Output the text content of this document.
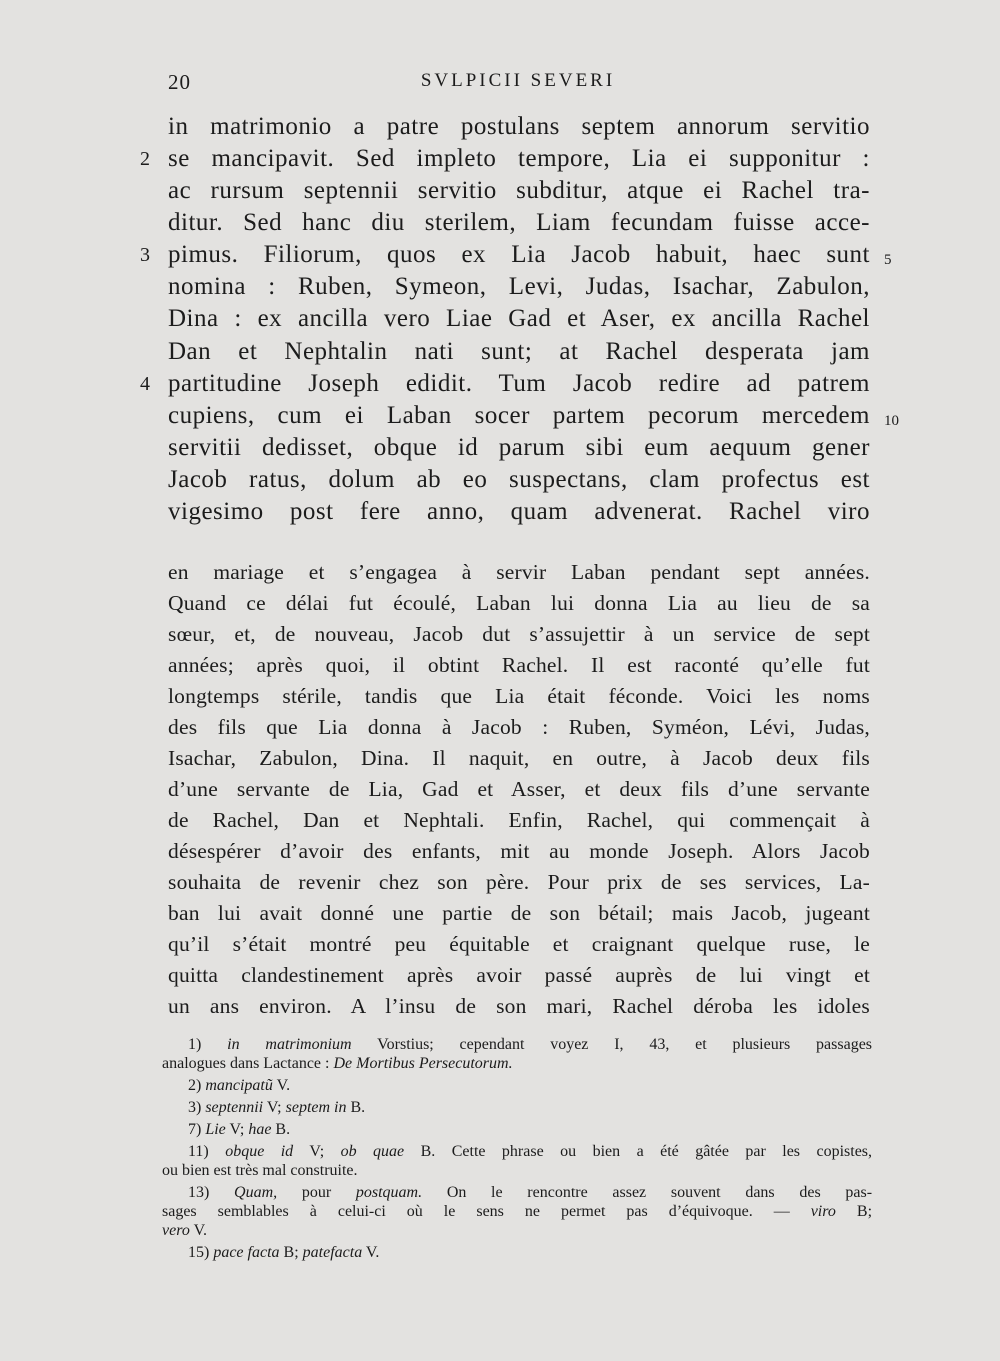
20	SVLPICII SEVERI
in matrimonio a patre postulans septem annorum servitio
se mancipavit. Sed impleto tempore, Lia ei supponitur :
ac rursum septennii servitio subditur, atque ei Rachel tra-
ditur. Sed hanc diu sterilem, Liam fecundam fuisse acce-
pimus. Filiorum, quos ex Lia Jacob habuit, haec sunt
nomina : Ruben, Symeon, Levi, Judas, Isachar, Zabulon,
Dina : ex ancilla vero Liae Gad et Aser, ex ancilla Rachel
Dan et Nephtalin nati sunt; at Rachel desperata jam
partitudine Joseph edidit. Tum Jacob redire ad patrem
cupiens, cum ei Laban socer partem pecorum mercedem
servitii dedisset, obque id parum sibi eum aequum gener
Jacob ratus, dolum ab eo suspectans, clam profectus est
vigesimo post fere anno, quam advenerat. Rachel viro
2
3
4
5
10
en mariage et s’engagea à servir Laban pendant sept années.
Quand ce délai fut écoulé, Laban lui donna Lia au lieu de sa
sœur, et, de nouveau, Jacob dut s’assujettir à un service de sept
années; après quoi, il obtint Rachel. Il est raconté qu’elle fut
longtemps stérile, tandis que Lia était féconde. Voici les noms
des fils que Lia donna à Jacob : Ruben, Syméon, Lévi, Judas,
Isachar, Zabulon, Dina. Il naquit, en outre, à Jacob deux fils
d’une servante de Lia, Gad et Asser, et deux fils d’une servante
de Rachel, Dan et Nephtali. Enfin, Rachel, qui commençait à
désespérer d’avoir des enfants, mit au monde Joseph. Alors Jacob
souhaita de revenir chez son père. Pour prix de ses services, La-
ban lui avait donné une partie de son bétail; mais Jacob, jugeant
qu’il s’était montré peu équitable et craignant quelque ruse, le
quitta clandestinement après avoir passé auprès de lui vingt et
un ans environ. A l’insu de son mari, Rachel déroba les idoles
1) in matrimonium Vorstius; cependant voyez I, 43, et plusieurs passages
analogues dans Lactance : De Mortibus Persecutorum.
2) mancipatũ V.
3) septennii V; septem in B.
7) Lie V; hae B.
11) obque id V; ob quae B. Cette phrase ou bien a été gâtée par les copistes,
ou bien est très mal construite.
13) Quam, pour postquam. On le rencontre assez souvent dans des pas-
sages semblables à celui-ci où le sens ne permet pas d’équivoque. — viro B;
vero V.
15) pace facta B; patefacta V.
